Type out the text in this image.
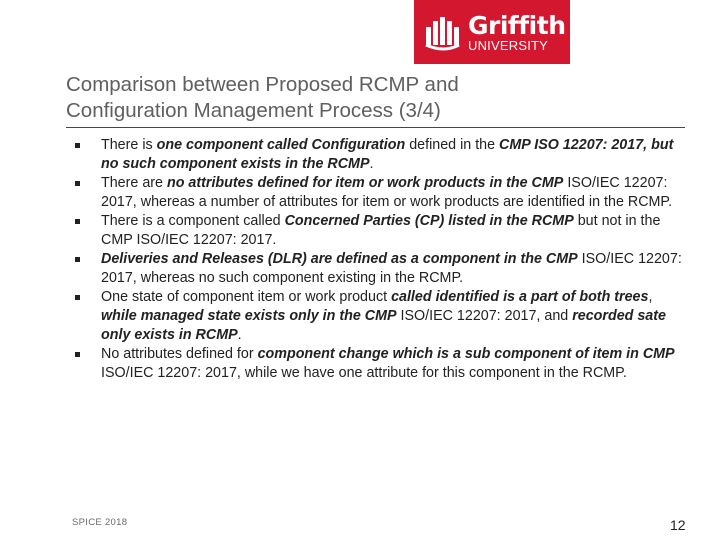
Griffith
UNIVERSITY
Comparison between Proposed RCMP and
Configuration Management Process (3/4)
There is one component called Configuration defined in the CMP ISO 12207: 2017, but no such component exists in the RCMP.
There are no attributes defined for item or work products in the CMP ISO/IEC 12207: 2017, whereas a number of attributes for item or work products are identified in the RCMP.
There is a component called Concerned Parties (CP) listed in the RCMP but not in the CMP ISO/IEC 12207: 2017.
Deliveries and Releases (DLR) are defined as a component in the CMP ISO/IEC 12207: 2017, whereas no such component existing in the RCMP.
One state of component item or work product called identified is a part of both trees, while managed state exists only in the CMP ISO/IEC 12207: 2017, and recorded sate only exists in RCMP.
No attributes defined for component change which is a sub component of item in CMP ISO/IEC 12207: 2017, while we have one attribute for this component in the RCMP.
SPICE 2018	12
